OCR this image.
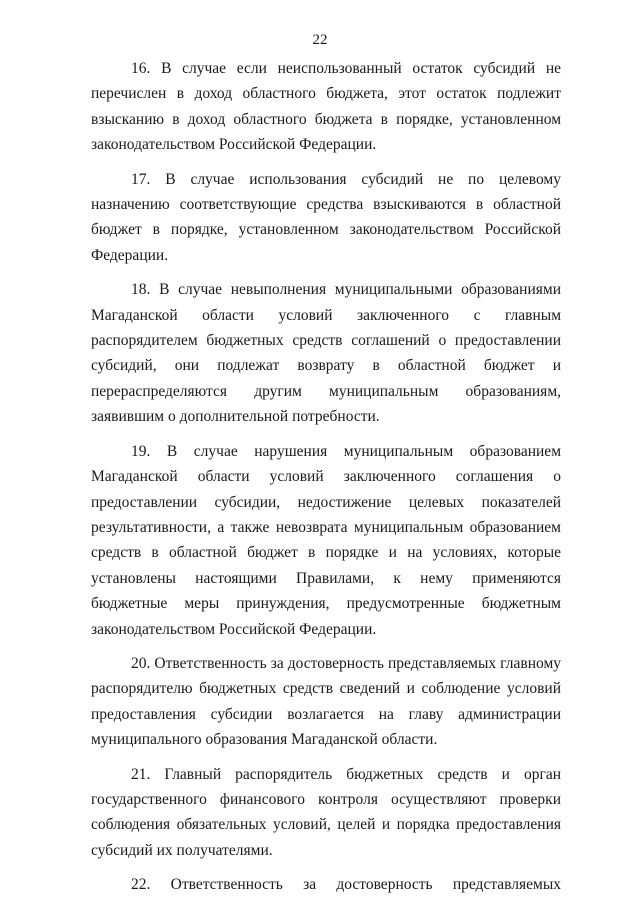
22

16. В случае если неиспользованный остаток субсидий не перечислен в доход областного бюджета, этот остаток подлежит взысканию в доход областного бюджета в порядке, установленном законодательством Российской Федерации.

17. В случае использования субсидий не по целевому назначению соответствующие средства взыскиваются в областной бюджет в порядке, установленном законодательством Российской Федерации.

18. В случае невыполнения муниципальными образованиями Магаданской области условий заключенного с главным распорядителем бюджетных средств соглашений о предоставлении субсидий, они подлежат возврату в областной бюджет и перераспределяются другим муниципальным образованиям, заявившим о дополнительной потребности.

19. В случае нарушения муниципальным образованием Магаданской области условий заключенного соглашения о предоставлении субсидии, недостижение целевых показателей результативности, а также невозврата муниципальным образованием средств в областной бюджет в порядке и на условиях, которые установлены настоящими Правилами, к нему применяются бюджетные меры принуждения, предусмотренные бюджетным законодательством Российской Федерации.

20. Ответственность за достоверность представляемых главному распорядителю бюджетных средств сведений и соблюдение условий предоставления субсидии возлагается на главу администрации муниципального образования Магаданской области.

21. Главный распорядитель бюджетных средств и орган государственного финансового контроля осуществляют проверки соблюдения обязательных условий, целей и порядка предоставления субсидий их получателями.

22. Ответственность за достоверность представляемых
